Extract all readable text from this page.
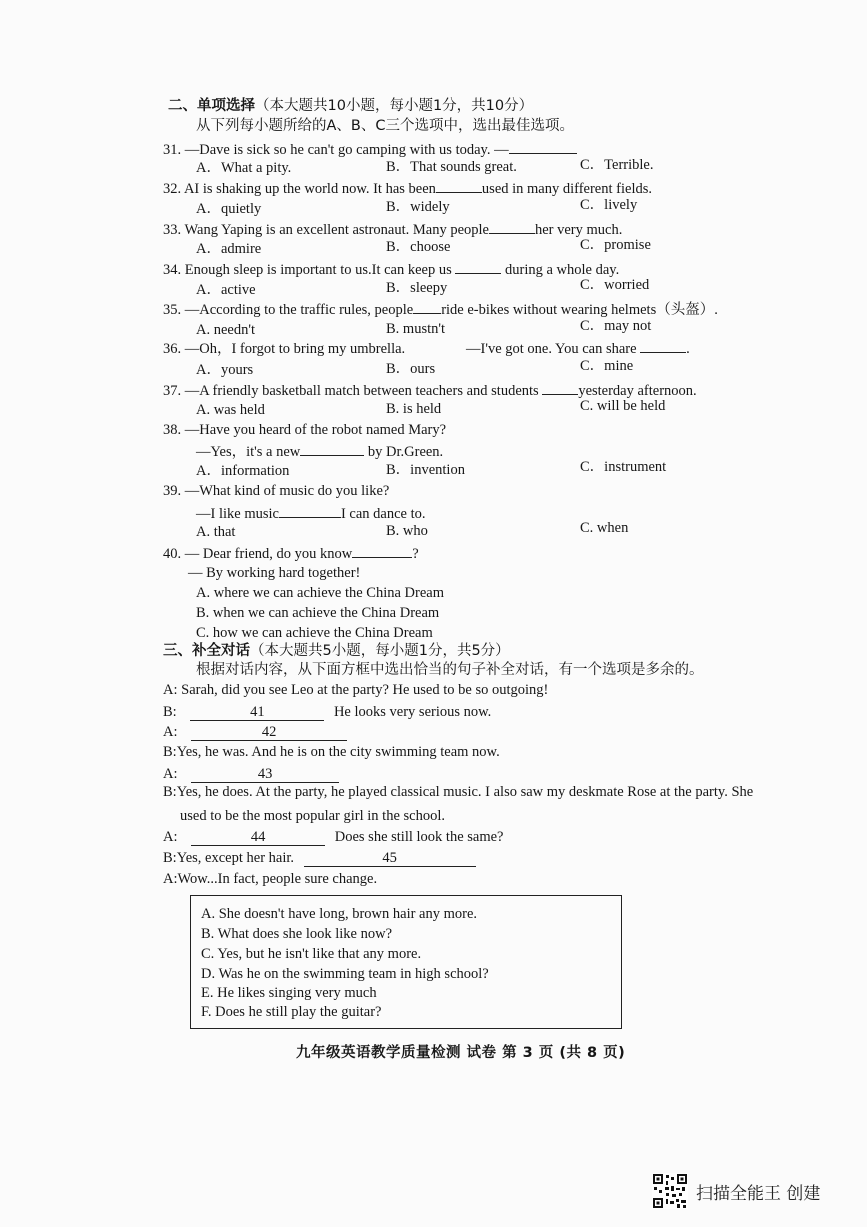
二、单项选择（本大题共10小题，每小题1分，共10分）
从下列每小题所给的A、B、C三个选项中，选出最佳选项。
31. —Dave is sick so he can't go camping with us today. —
A．What a pity.	B．That sounds great.	C．Terrible.
32. AI is shaking up the world now. It has been	used in many different fields.
A．quietly	B．widely	C．lively
33. Wang Yaping is an excellent astronaut. Many people	her very much.
A．admire	B．choose	C．promise
34. Enough sleep is important to us.It can keep us	during a whole day.
A．active	B．sleepy	C．worried
35. —According to the traffic rules, people ride e-bikes without wearing helmets（头盔）.
A. needn't	B. mustn't	C．may not
36. —Oh，I forgot to bring my umbrella.	—I've got one. You can share	.
A．yours	B．ours	C．mine
37. —A friendly basketball match between teachers and students	yesterday afternoon.
A. was held	B. is held	C. will be held
38. —Have you heard of the robot named Mary?
—Yes，it's a new	by Dr.Green.
A．information	B．invention	C．instrument
39. —What kind of music do you like?
—I like music	I can dance to.
A. that	B. who	C. when
40. — Dear friend, do you know	?
— By working hard together!
A. where we can achieve the China Dream
B. when we can achieve the China Dream
C. how we can achieve the China Dream
三、补全对话（本大题共5小题，每小题1分，共5分）
根据对话内容，从下面方框中选出恰当的句子补全对话，有一个选项是多余的。
A: Sarah, did you see Leo at the party? He used to be so outgoing!
B:	41	He looks very serious now.
A:	42
B:Yes, he was. And he is on the city swimming team now.
A:	43
B:Yes, he does. At the party, he played classical music. I also saw my deskmate Rose at the party. She
used to be the most popular girl in the school.
A:	44	Does she still look the same?
B:Yes, except her hair.	45
A:Wow...In fact, people sure change.
A. She doesn't have long, brown hair any more.
B. What does she look like now?
C. Yes, but he isn't like that any more.
D. Was he on the swimming team in high school?
E. He likes singing very much
F. Does he still play the guitar?
九年级英语教学质量检测 试卷 第 3 页 (共 8 页)
扫描全能王 创建
